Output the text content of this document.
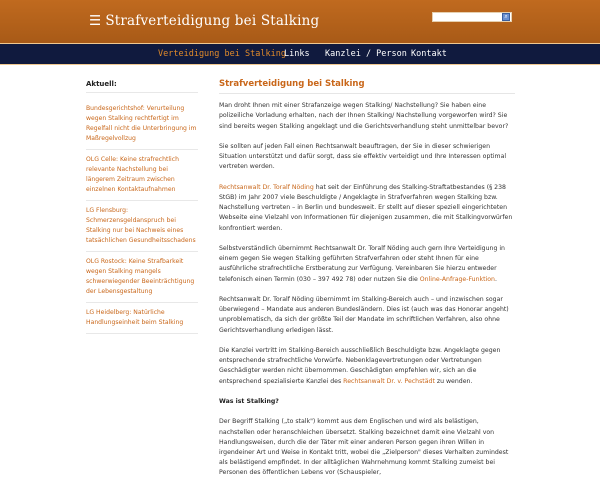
☰ Strafverteidigung bei Stalking	⌕
Verteidigung bei Stalking
Links Kanzlei / Person Kontakt
Aktuell:
Bundesgerichtshof: Verurteilung wegen Stalking rechtfertigt im Regelfall nicht die Unterbringung im Maßregelvollzug
OLG Celle: Keine strafrechtlich relevante Nachstellung bei längerem Zeitraum zwischen einzelnen Kontaktaufnahmen
LG Flensburg: Schmerzensgeldanspruch bei Stalking nur bei Nachweis eines tatsächlichen Gesundheitsschadens
OLG Rostock: Keine Strafbarkeit wegen Stalking mangels schwerwiegender Beeinträchtigung der Lebensgestaltung
LG Heidelberg: Natürliche Handlungseinheit beim Stalking
Strafverteidigung bei Stalking
Man droht Ihnen mit einer Strafanzeige wegen Stalking/ Nachstellung? Sie haben eine polizeiliche Vorladung erhalten, nach der Ihnen Stalking/ Nachstellung vorgeworfen wird? Sie sind bereits wegen Stalking angeklagt und die Gerichtsverhandlung steht unmittelbar bevor?
Sie sollten auf jeden Fall einen Rechtsanwalt beauftragen, der Sie in dieser schwierigen Situation unterstützt und dafür sorgt, dass sie effektiv verteidigt und Ihre Interessen optimal vertreten werden.
Rechtsanwalt Dr. Toralf Nöding hat seit der Einführung des Stalking-Straftatbestandes (§ 238 StGB) im Jahr 2007 viele Beschuldigte / Angeklagte in Strafverfahren wegen Stalking bzw. Nachstellung vertreten – in Berlin und bundesweit. Er stellt auf dieser speziell eingerichteten Webseite eine Vielzahl von Informationen für diejenigen zusammen, die mit Stalkingvorwürfen konfrontiert werden.
Selbstverständlich übernimmt Rechtsanwalt Dr. Toralf Nöding auch gern Ihre Verteidigung in einem gegen Sie wegen Stalking geführten Strafverfahren oder steht Ihnen für eine ausführliche strafrechtliche Erstberatung zur Verfügung. Vereinbaren Sie hierzu entweder telefonisch einen Termin (030 – 397 492 78) oder nutzen Sie die Online-Anfrage-Funktion.
Rechtsanwalt Dr. Toralf Nöding übernimmt im Stalking-Bereich auch – und inzwischen sogar überwiegend – Mandate aus anderen Bundesländern. Dies ist (auch was das Honorar angeht) unproblematisch, da sich der größte Teil der Mandate im schriftlichen Verfahren, also ohne Gerichtsverhandlung erledigen lässt.
Die Kanzlei vertritt im Stalking-Bereich ausschließlich Beschuldigte bzw. Angeklagte gegen entsprechende strafrechtliche Vorwürfe. Nebenklagevertretungen oder Vertretungen Geschädigter werden nicht übernommen. Geschädigten empfehlen wir, sich an die entsprechend spezialisierte Kanzlei des Rechtsanwalt Dr. v. Pechstädt zu wenden.
Was ist Stalking?
Der Begriff Stalking („to stalk") kommt aus dem Englischen und wird als belästigen, nachstellen oder heranschleichen übersetzt. Stalking bezeichnet damit eine Vielzahl von Handlungsweisen, durch die der Täter mit einer anderen Person gegen ihren Willen in irgendeiner Art und Weise in Kontakt tritt, wobei die „Zielperson" dieses Verhalten zumindest als belästigend empfindet. In der alltäglichen Wahrnehmung kommt Stalking zumeist bei Personen des öffentlichen Lebens vor (Schauspieler,
